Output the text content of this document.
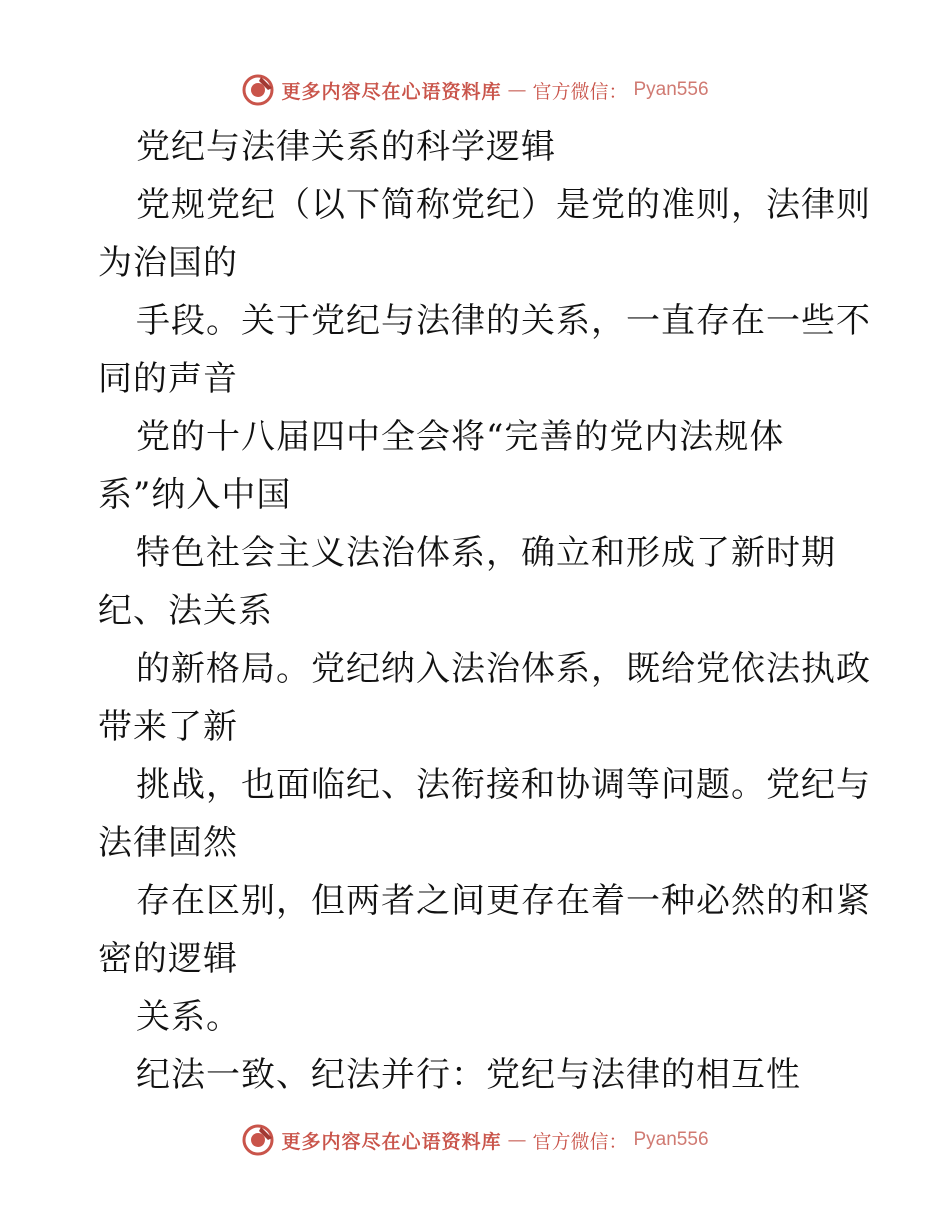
更多内容尽在心语资料库 — 官方微信： Pyan556
党纪与法律关系的科学逻辑
党规党纪（以下简称党纪）是党的准则，法律则
为治国的
手段。关于党纪与法律的关系，一直存在一些不
同的声音
党的十八届四中全会将“完善的党内法规体
系”纳入中国
特色社会主义法治体系，确立和形成了新时期
纪、法关系
的新格局。党纪纳入法治体系，既给党依法执政
带来了新
挑战，也面临纪、法衔接和协调等问题。党纪与
法律固然
存在区别，但两者之间更存在着一种必然的和紧
密的逻辑
关系。
纪法一致、纪法并行：党纪与法律的相互性
更多内容尽在心语资料库 — 官方微信： Pyan556
